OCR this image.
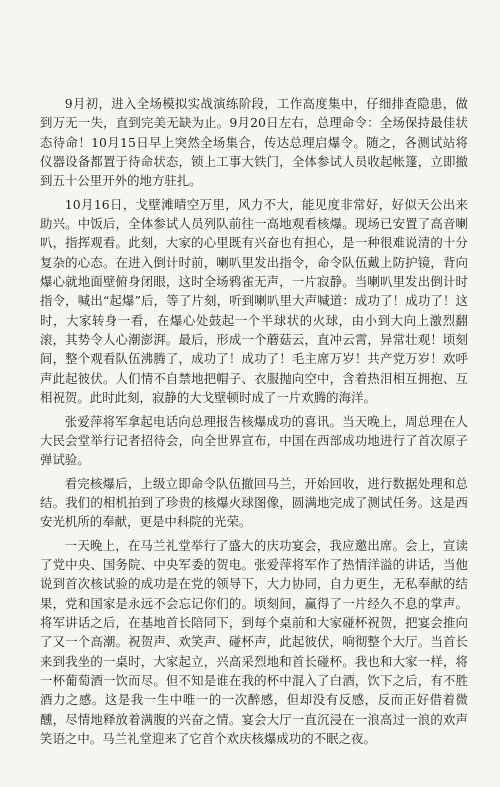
9月初，进入全场模拟实战演练阶段，工作高度集中，仔细排查隐患，做到万无一失，直到完美无缺为止。9月20日左右，总理命令：全场保持最佳状态待命！10月15日早上突然全场集合，传达总理启爆令。随之，各测试站将仪器设备都置于待命状态，锁上工事大铁门，全体参试人员收起帐篷，立即撤到五十公里开外的地方驻扎。

10月16日，戈壁滩晴空万里，风力不大，能见度非常好，好似天公出来助兴。中饭后，全体参试人员列队前往一高地观看核爆。现场已安置了高音喇叭，指挥观看。此刻，大家的心里既有兴奋也有担心，是一种很难说清的十分复杂的心态。在进入倒计时前，喇叭里发出指令，命令队伍戴上防护镜，背向爆心就地面壁俯身闭眼，这时全场鸦雀无声，一片寂静。当喇叭里发出倒计时指令，喊出“起爆”后，等了片刻，听到喇叭里大声喊道：成功了！成功了！这时，大家转身一看，在爆心处鼓起一个半球状的火球，由小到大向上激烈翻滚，其势令人心潮澎湃。最后，形成一个蘑菇云，直冲云霄，异常壮观！顷刻间，整个观看队伍沸腾了，成功了！成功了！毛主席万岁！共产党万岁！欢呼声此起彼伏。人们情不自禁地把帽子、衣服抛向空中，含着热泪相互拥抱、互相祝贺。此时此刻，寂静的大戈壁顿时成了一片欢腾的海洋。

张爱萍将军拿起电话向总理报告核爆成功的喜讯。当天晚上，周总理在人大民会堂举行记者招待会，向全世界宣布，中国在西部成功地进行了首次原子弹试验。

看完核爆后，上级立即命令队伍撤回马兰，开始回收，进行数据处理和总结。我们的相机拍到了珍贵的核爆火球图像，圆满地完成了测试任务。这是西安光机所的奉献，更是中科院的光荣。

一天晚上，在马兰礼堂举行了盛大的庆功宴会，我应邀出席。会上，宣读了党中央、国务院、中央军委的贺电。张爱萍将军作了热情洋溢的讲话，当他说到首次核试验的成功是在党的领导下，大力协同，自力更生，无私奉献的结果，党和国家是永远不会忘记你们的。顷刻间，赢得了一片经久不息的掌声。将军讲话之后，在基地首长陪同下，到每个桌前和大家碰杯祝贺，把宴会推向了又一个高潮。祝贺声、欢笑声、碰杯声，此起彼伏，响彻整个大厅。当首长来到我坐的一桌时，大家起立，兴高采烈地和首长碰杯。我也和大家一样，将一杯葡萄酒一饮而尽。但不知是谁在我的杯中混入了白酒，饮下之后，有不胜酒力之感。这是我一生中唯一的一次醉感，但却没有反感，反而正好借着微醺，尽情地释放着满腹的兴奋之情。宴会大厅一直沉浸在一浪高过一浪的欢声笑语之中。马兰礼堂迎来了它首个欢庆核爆成功的不眠之夜。
